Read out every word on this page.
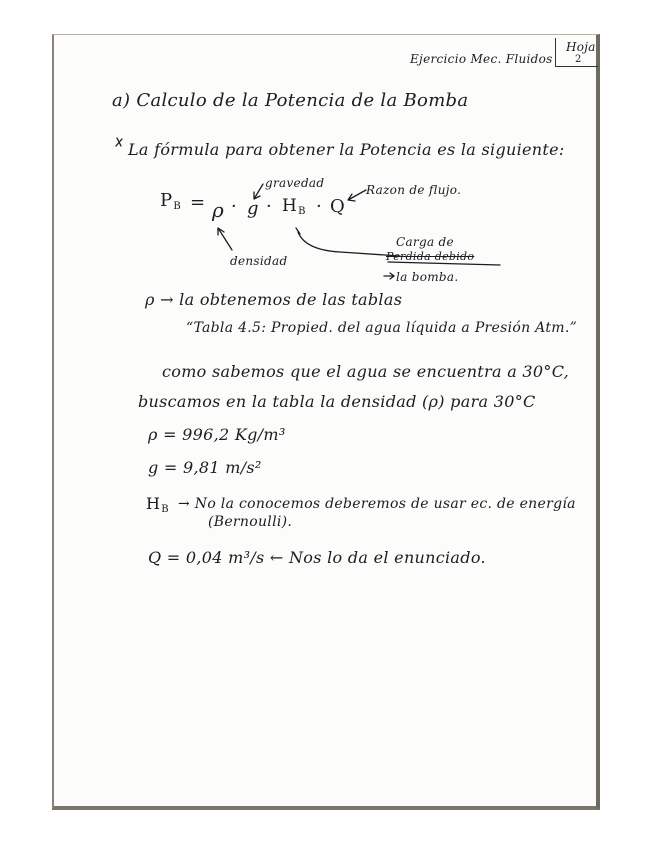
Ejercicio Mec. Fluidos
Hoja
2
a) Calculo de la Potencia de la Bomba
La fórmula para obtener la Potencia es la siguiente:
$P_B = \rho \cdot g \cdot H_B \cdot Q$
gravedad	Razon de flujo.
densidad
Carga de
Perdida debido
la bomba.
ρ → la obtenemos de las tablas
“Tabla 4.5: Propied. del agua líquida a Presión Atm.”
como sabemos que el agua se encuentra a 30°C,
buscamos en la tabla la densidad (ρ) para 30°C
ρ = 996,2 Kg/m³
g = 9,81 m/s²
$H_B \to No$ la conocemos deberemos de usar ec. de energía
(Bernoulli).
Q = 0,04 m³/s ← Nos lo da el enunciado.
